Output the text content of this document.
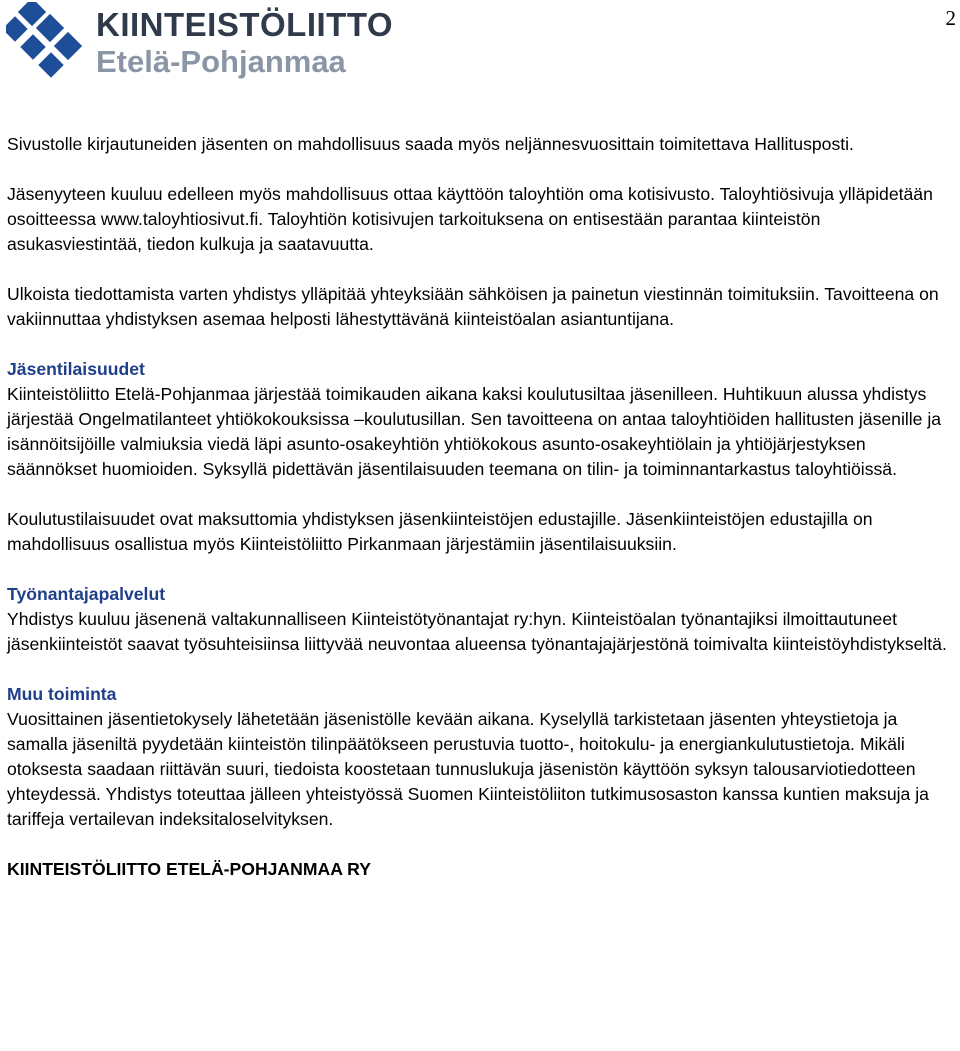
2
KIINTEISTÖLIITTO
Etelä-Pohjanmaa

Sivustolle kirjautuneiden jäsenten on mahdollisuus saada myös neljännesvuosittain toimitettava Hallitusposti.

Jäsenyyteen kuuluu edelleen myös mahdollisuus ottaa käyttöön taloyhtiön oma kotisivusto. Taloyhtiösivuja ylläpidetään osoitteessa www.taloyhtiosivut.fi. Taloyhtiön kotisivujen tarkoituksena on entisestään parantaa kiinteistön asukasviestintää, tiedon kulkuja ja saatavuutta.

Ulkoista tiedottamista varten yhdistys ylläpitää yhteyksiään sähköisen ja painetun viestinnän toimituksiin. Tavoitteena on vakiinnuttaa yhdistyksen asemaa helposti lähestyttävänä kiinteistöalan asiantuntijana.

Jäsentilaisuudet

Kiinteistöliitto Etelä-Pohjanmaa järjestää toimikauden aikana kaksi koulutusiltaa jäsenilleen. Huhtikuun alussa yhdistys järjestää Ongelmatilanteet yhtiökokouksissa –koulutusillan. Sen tavoitteena on antaa taloyhtiöiden hallitusten jäsenille ja isännöitsijöille valmiuksia viedä läpi asunto-osakeyhtiön yhtiökokous asunto-osakeyhtiölain ja yhtiöjärjestyksen säännökset huomioiden. Syksyllä pidettävän jäsentilaisuuden teemana on tilin- ja toiminnantarkastus taloyhtiöissä.

Koulutustilaisuudet ovat maksuttomia yhdistyksen jäsenkiinteistöjen edustajille. Jäsenkiinteistöjen edustajilla on mahdollisuus osallistua myös Kiinteistöliitto Pirkanmaan järjestämiin jäsentilaisuuksiin.

Työnantajapalvelut

Yhdistys kuuluu jäsenenä valtakunnalliseen Kiinteistötyönantajat ry:hyn. Kiinteistöalan työnantajiksi ilmoittautuneet jäsenkiinteistöt saavat työsuhteisiinsa liittyvää neuvontaa alueensa työnantajajärjestönä toimivalta kiinteistöyhdistykseltä.

Muu toiminta

Vuosittainen jäsentietokysely lähetetään jäsenistölle kevään aikana. Kyselyllä tarkistetaan jäsenten yhteystietoja ja samalla jäseniltä pyydetään kiinteistön tilinpäätökseen perustuvia tuotto-, hoitokulu- ja energiankulutustietoja. Mikäli otoksesta saadaan riittävän suuri, tiedoista koostetaan tunnuslukuja jäsenistön käyttöön syksyn talousarviotiedotteen yhteydessä. Yhdistys toteuttaa jälleen yhteistyössä Suomen Kiinteistöliiton tutkimusosaston kanssa kuntien maksuja ja tariffeja vertailevan indeksitaloselvityksen.

KIINTEISTÖLIITTO ETELÄ-POHJANMAA RY
